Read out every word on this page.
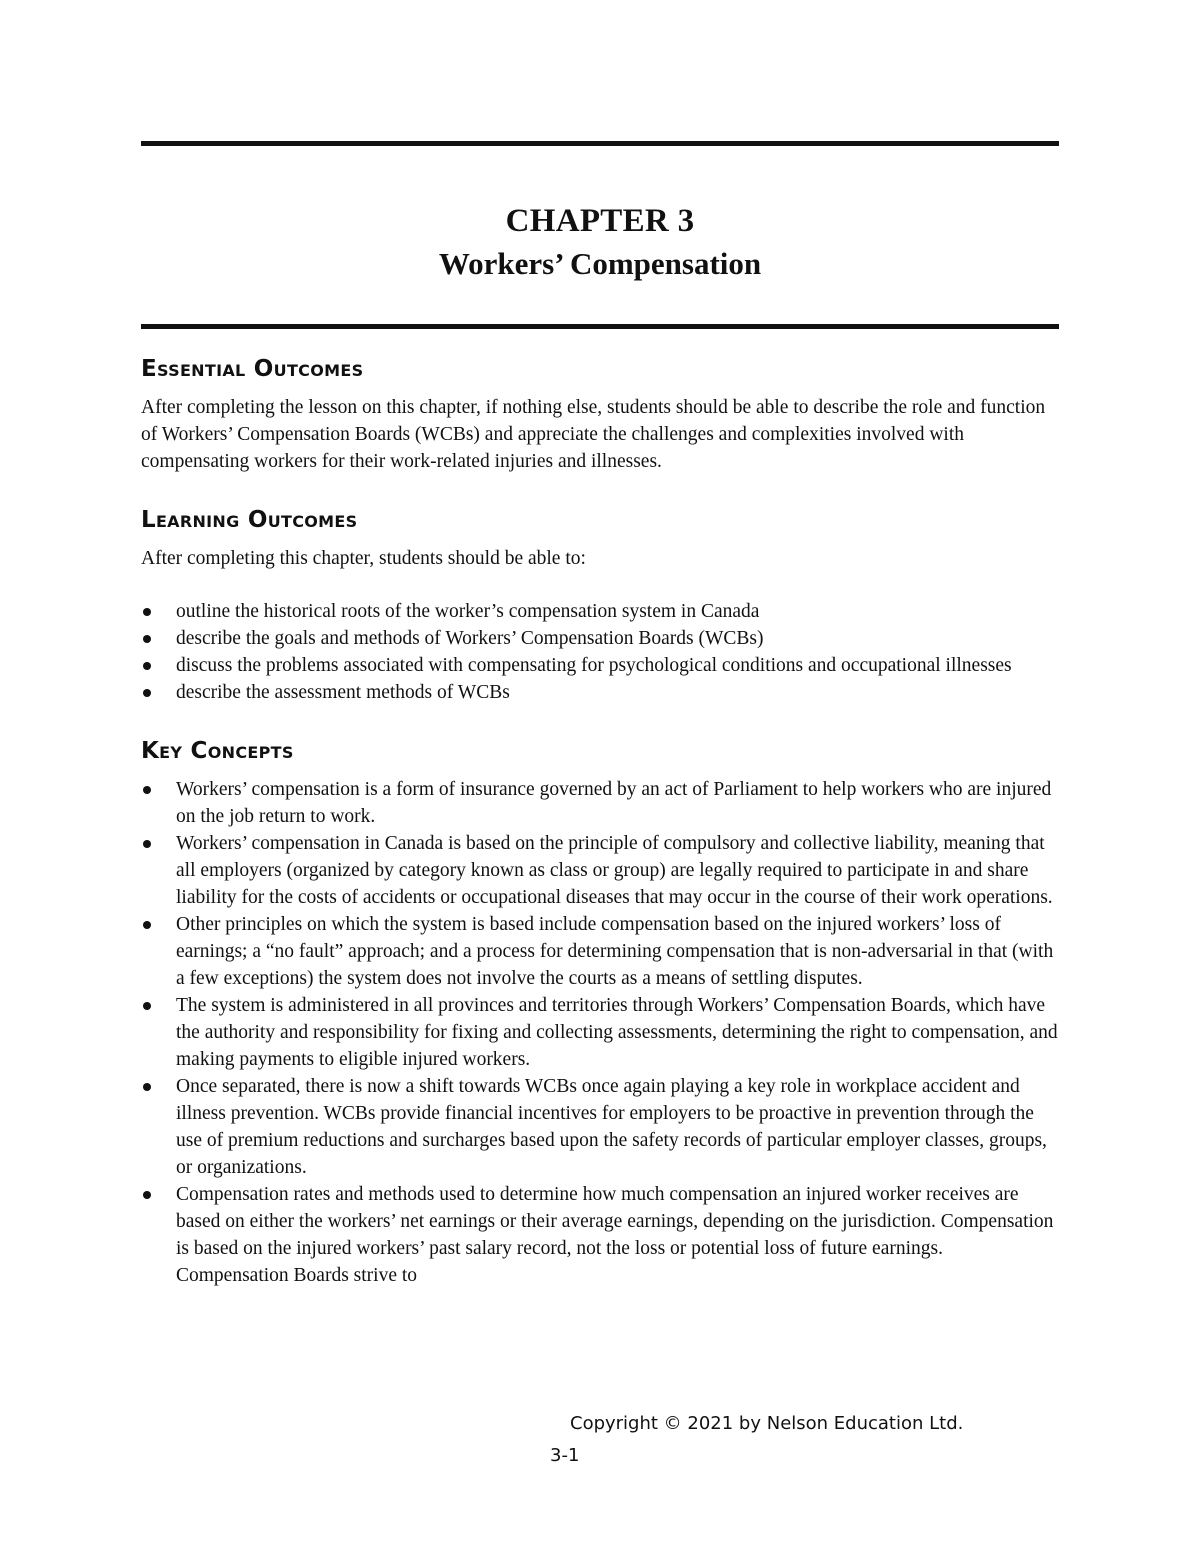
CHAPTER 3
Workers’ Compensation
Essential Outcomes

After completing the lesson on this chapter, if nothing else, students should be able to describe the role and function of Workers’ Compensation Boards (WCBs) and appreciate the challenges and complexities involved with compensating workers for their work-related injuries and illnesses.

Learning Outcomes

After completing this chapter, students should be able to:

outline the historical roots of the worker’s compensation system in Canada
describe the goals and methods of Workers’ Compensation Boards (WCBs)
discuss the problems associated with compensating for psychological conditions and occupational illnesses
describe the assessment methods of WCBs
Key Concepts
Workers’ compensation is a form of insurance governed by an act of Parliament to help workers who are injured on the job return to work.
Workers’ compensation in Canada is based on the principle of compulsory and collective liability, meaning that all employers (organized by category known as class or group) are legally required to participate in and share liability for the costs of accidents or occupational diseases that may occur in the course of their work operations.
Other principles on which the system is based include compensation based on the injured workers’ loss of earnings; a “no fault” approach; and a process for determining compensation that is non-adversarial in that (with a few exceptions) the system does not involve the courts as a means of settling disputes.
The system is administered in all provinces and territories through Workers’ Compensation Boards, which have the authority and responsibility for fixing and collecting assessments, determining the right to compensation, and making payments to eligible injured workers.
Once separated, there is now a shift towards WCBs once again playing a key role in workplace accident and illness prevention. WCBs provide financial incentives for employers to be proactive in prevention through the use of premium reductions and surcharges based upon the safety records of particular employer classes, groups, or organizations.
Compensation rates and methods used to determine how much compensation an injured worker receives are based on either the workers’ net earnings or their average earnings, depending on the jurisdiction. Compensation is based on the injured workers’ past salary record, not the loss or potential loss of future earnings. Compensation Boards strive to
Copyright © 2021 by Nelson Education Ltd.
3-1
